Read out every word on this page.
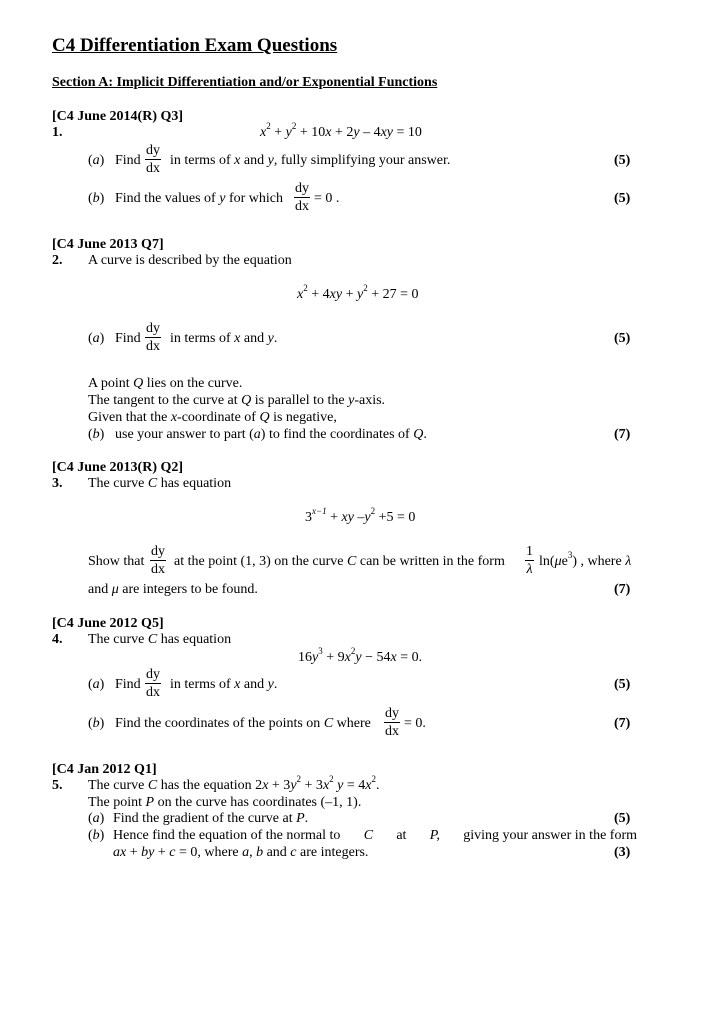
C4 Differentiation Exam Questions
Section A: Implicit Differentiation and/or Exponential Functions
[C4 June 2014(R) Q3]
1.	$x^2 + y^2 + 10x + 2y - 4xy = 10$
(a) Find $\frac{dy}{dx}$ in terms of x and y, fully simplifying your answer.	(5)
(b) Find the values of y for which $\frac{dy}{dx} = 0$ .	(5)
[C4 June 2013 Q7]
2. A curve is described by the equation
$x^2 + 4xy + y^2 + 27 = 0$
(a) Find $\frac{dy}{dx}$ in terms of x and y.	(5)
A point Q lies on the curve.
The tangent to the curve at Q is parallel to the y-axis.
Given that the x-coordinate of Q is negative,
(b) use your answer to part (a) to find the coordinates of Q.	(7)
[C4 June 2013(R) Q2]
3. The curve C has equation
$3^{x-1}$ + xy $-y^2 +5 = 0$
Show that $\frac{dy}{dx}$ at the point (1, 3) on the curve C can be written in the form $\frac{1}{\lambda} \ln(\mu e^3)$ , where λ
and μ are integers to be found.	(7)
[C4 June 2012 Q5]
4. The curve C has equation
$16y^3 + 9x^2y - 54x = 0$.
(a) Find $\frac{dy}{dx}$ in terms of x and y.	(5)
(b) Find the coordinates of the points on C where $\frac{dy}{dx} = 0$.	(7)
[C4 Jan 2012 Q1]
5. The curve C has the equation $2x + 3y^2 + 3x^2$ $y = 4x^2$.
The point P on the curve has coordinates (–1, 1).
(a) Find the gradient of the curve at P.	(5)
(b) Hence find the equation of the normal to C at P, giving your answer in the form
ax + by + c = 0, where a, b and c are integers.	(3)
